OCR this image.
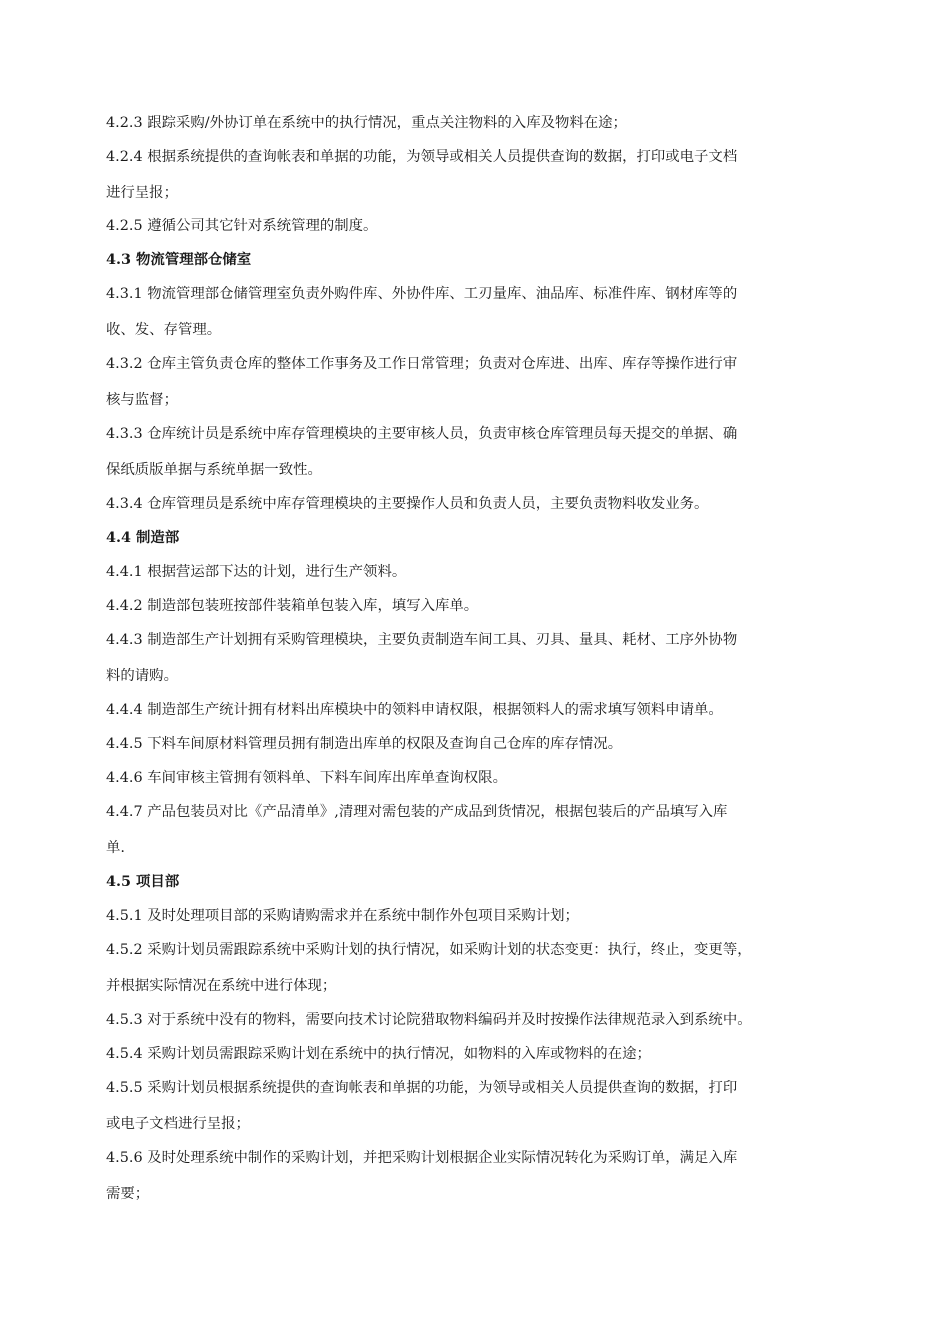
4.2.3 跟踪采购/外协订单在系统中的执行情况，重点关注物料的入库及物料在途；
4.2.4 根据系统提供的查询帐表和单据的功能，为领导或相关人员提供查询的数据，打印或电子文档
进行呈报；
4.2.5 遵循公司其它针对系统管理的制度。
4.3 物流管理部仓储室
4.3.1 物流管理部仓储管理室负责外购件库、外协件库、工刃量库、油品库、标准件库、钢材库等的
收、发、存管理。
4.3.2 仓库主管负责仓库的整体工作事务及工作日常管理；负责对仓库进、出库、库存等操作进行审
核与监督；
4.3.3 仓库统计员是系统中库存管理模块的主要审核人员，负责审核仓库管理员每天提交的单据、确
保纸质版单据与系统单据一致性。
4.3.4 仓库管理员是系统中库存管理模块的主要操作人员和负责人员，主要负责物料收发业务。
4.4 制造部
4.4.1 根据营运部下达的计划，进行生产领料。
4.4.2 制造部包装班按部件装箱单包装入库，填写入库单。
4.4.3 制造部生产计划拥有采购管理模块，主要负责制造车间工具、刃具、量具、耗材、工序外协物
料的请购。
4.4.4 制造部生产统计拥有材料出库模块中的领料申请权限，根据领料人的需求填写领料申请单。
4.4.5 下料车间原材料管理员拥有制造出库单的权限及查询自己仓库的库存情况。
4.4.6 车间审核主管拥有领料单、下料车间库出库单查询权限。
4.4.7 产品包装员对比《产品清单》,清理对需包装的产成品到货情况，根据包装后的产品填写入库
单.
4.5 项目部
4.5.1 及时处理项目部的采购请购需求并在系统中制作外包项目采购计划；
4.5.2 采购计划员需跟踪系统中采购计划的执行情况，如采购计划的状态变更：执行，终止，变更等，
并根据实际情况在系统中进行体现；
4.5.3 对于系统中没有的物料，需要向技术讨论院猎取物料编码并及时按操作法律规范录入到系统中。
4.5.4 采购计划员需跟踪采购计划在系统中的执行情况，如物料的入库或物料的在途；
4.5.5 采购计划员根据系统提供的查询帐表和单据的功能，为领导或相关人员提供查询的数据，打印
或电子文档进行呈报；
4.5.6 及时处理系统中制作的采购计划，并把采购计划根据企业实际情况转化为采购订单，满足入库
需要；
